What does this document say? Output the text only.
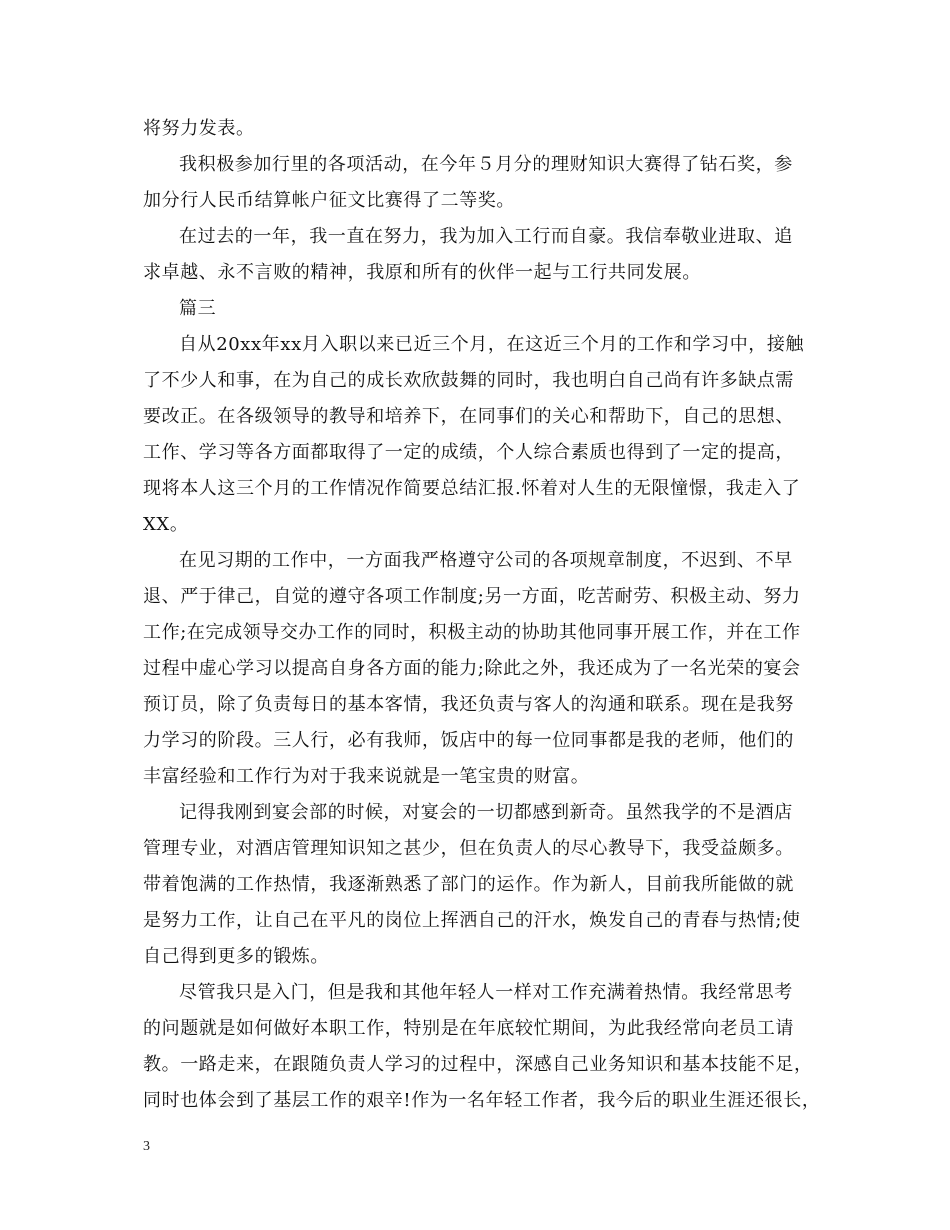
将努力发表。
我积极参加行里的各项活动，在今年５月分的理财知识大赛得了钻石奖，参
加分行人民币结算帐户征文比赛得了二等奖。
在过去的一年，我一直在努力，我为加入工行而自豪。我信奉敬业进取、追
求卓越、永不言败的精神，我原和所有的伙伴一起与工行共同发展。
篇三
自从20xx年xx月入职以来已近三个月，在这近三个月的工作和学习中，接触
了不少人和事，在为自己的成长欢欣鼓舞的同时，我也明白自己尚有许多缺点需
要改正。在各级领导的教导和培养下，在同事们的关心和帮助下，自己的思想、
工作、学习等各方面都取得了一定的成绩，个人综合素质也得到了一定的提高，
现将本人这三个月的工作情况作简要总结汇报.怀着对人生的无限憧憬，我走入了
XX。
在见习期的工作中，一方面我严格遵守公司的各项规章制度，不迟到、不早
退、严于律己，自觉的遵守各项工作制度;另一方面，吃苦耐劳、积极主动、努力
工作;在完成领导交办工作的同时，积极主动的协助其他同事开展工作，并在工作
过程中虚心学习以提高自身各方面的能力;除此之外，我还成为了一名光荣的宴会
预订员，除了负责每日的基本客情，我还负责与客人的沟通和联系。现在是我努
力学习的阶段。三人行，必有我师，饭店中的每一位同事都是我的老师，他们的
丰富经验和工作行为对于我来说就是一笔宝贵的财富。
记得我刚到宴会部的时候，对宴会的一切都感到新奇。虽然我学的不是酒店
管理专业，对酒店管理知识知之甚少，但在负责人的尽心教导下，我受益颇多。
带着饱满的工作热情，我逐渐熟悉了部门的运作。作为新人，目前我所能做的就
是努力工作，让自己在平凡的岗位上挥洒自己的汗水，焕发自己的青春与热情;使
自己得到更多的锻炼。
尽管我只是入门，但是我和其他年轻人一样对工作充满着热情。我经常思考
的问题就是如何做好本职工作，特别是在年底较忙期间，为此我经常向老员工请
教。一路走来，在跟随负责人学习的过程中，深感自己业务知识和基本技能不足，
同时也体会到了基层工作的艰辛!作为一名年轻工作者，我今后的职业生涯还很长，
3
